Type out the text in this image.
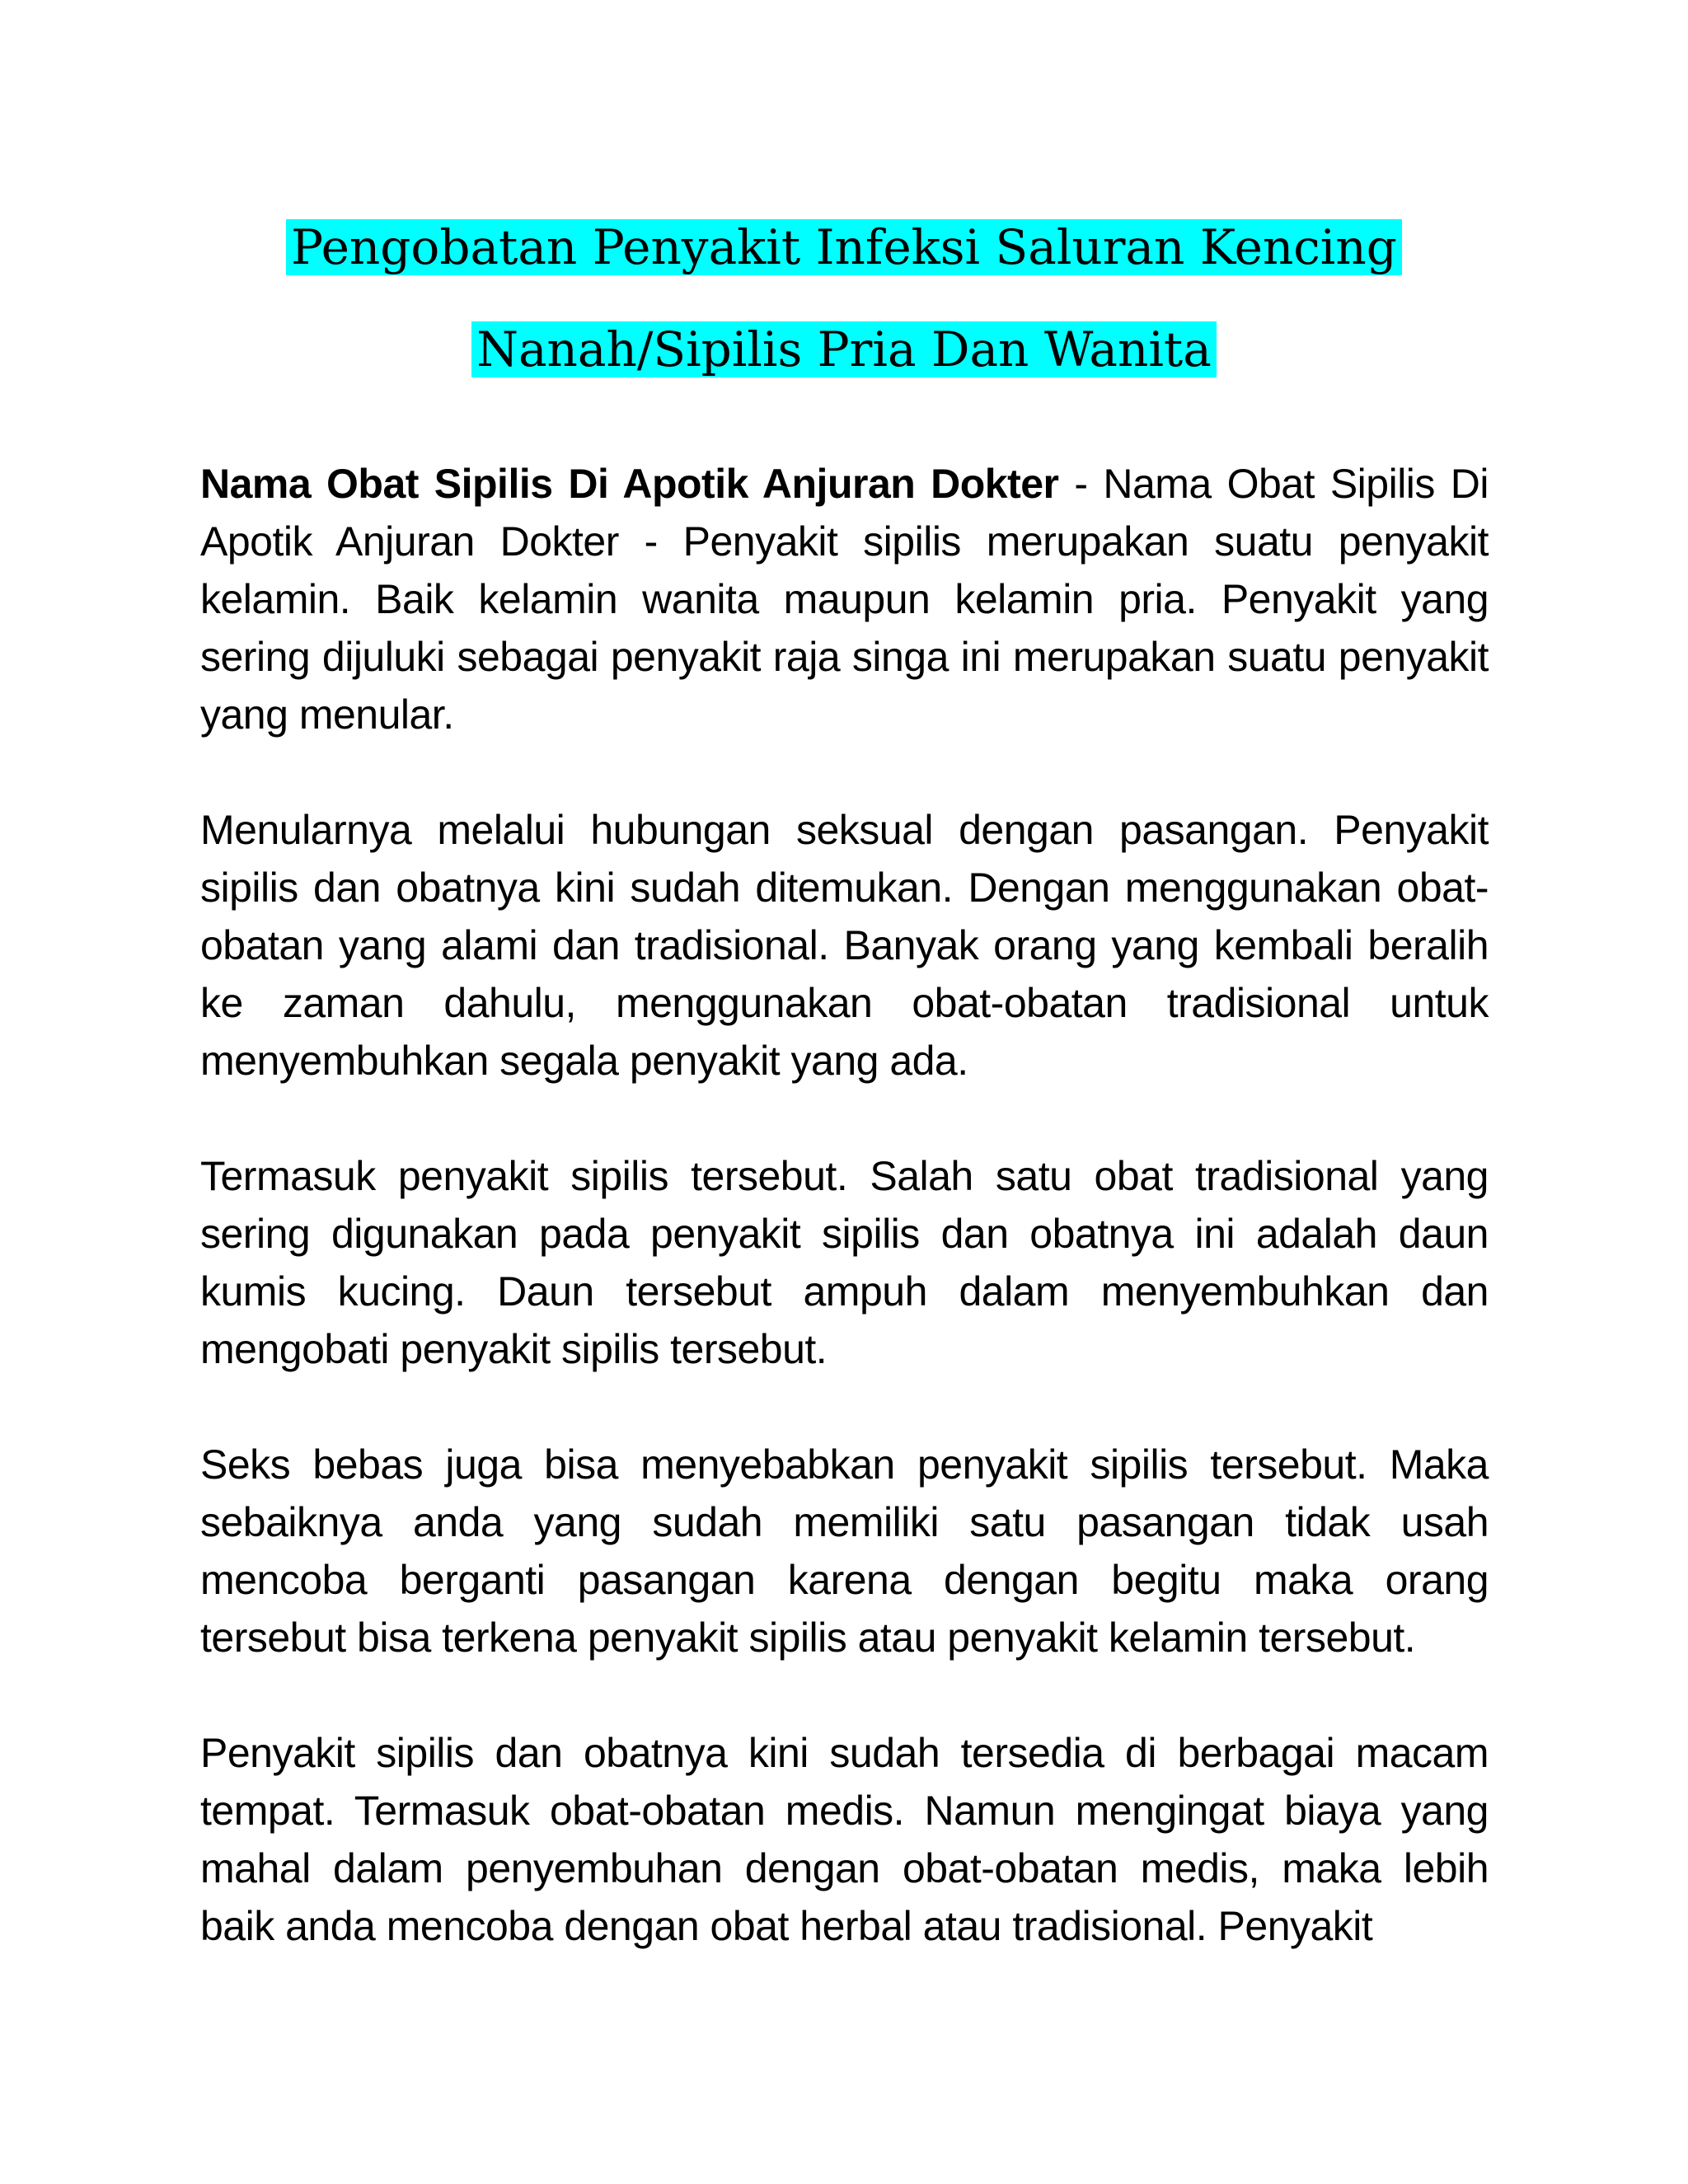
Pengobatan Penyakit Infeksi Saluran Kencing
Nanah/Sipilis Pria Dan Wanita

Nama Obat Sipilis Di Apotik Anjuran Dokter - Nama Obat Sipilis Di Apotik Anjuran Dokter - Penyakit sipilis merupakan suatu penyakit kelamin. Baik kelamin wanita maupun kelamin pria. Penyakit yang sering dijuluki sebagai penyakit raja singa ini merupakan suatu penyakit yang menular.

Menularnya melalui hubungan seksual dengan pasangan. Penyakit sipilis dan obatnya kini sudah ditemukan. Dengan menggunakan obat-obatan yang alami dan tradisional. Banyak orang yang kembali beralih ke zaman dahulu, menggunakan obat-obatan tradisional untuk menyembuhkan segala penyakit yang ada.

Termasuk penyakit sipilis tersebut. Salah satu obat tradisional yang sering digunakan pada penyakit sipilis dan obatnya ini adalah daun kumis kucing. Daun tersebut ampuh dalam menyembuhkan dan mengobati penyakit sipilis tersebut.

Seks bebas juga bisa menyebabkan penyakit sipilis tersebut. Maka sebaiknya anda yang sudah memiliki satu pasangan tidak usah mencoba berganti pasangan karena dengan begitu maka orang tersebut bisa terkena penyakit sipilis atau penyakit kelamin tersebut.

Penyakit sipilis dan obatnya kini sudah tersedia di berbagai macam tempat. Termasuk obat-obatan medis. Namun mengingat biaya yang mahal dalam penyembuhan dengan obat-obatan medis, maka lebih baik anda mencoba dengan obat herbal atau tradisional. Penyakit
